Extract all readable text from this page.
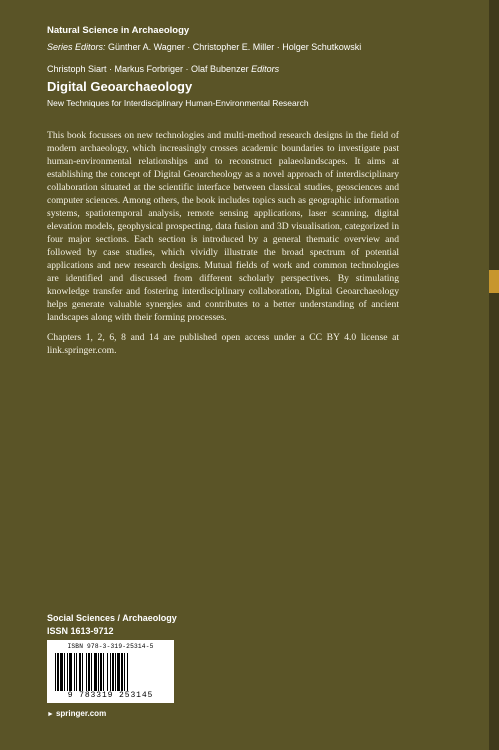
Natural Science in Archaeology
Series Editors: Günther A. Wagner · Christopher E. Miller · Holger Schutkowski
Christoph Siart · Markus Forbriger · Olaf Bubenzer Editors
Digital Geoarchaeology
New Techniques for Interdisciplinary Human-Environmental Research

This book focusses on new technologies and multi-method research designs in the field of modern archaeology, which increasingly crosses academic boundaries to investigate past human-environmental relationships and to reconstruct palaeolandscapes. It aims at establishing the concept of Digital Geoarcheology as a novel approach of interdisciplinary collaboration situated at the scientific interface between classical studies, geosciences and computer sciences. Among others, the book includes topics such as geographic information systems, spatiotemporal analysis, remote sensing applications, laser scanning, digital elevation models, geophysical prospecting, data fusion and 3D visualisation, categorized in four major sections. Each section is introduced by a general thematic overview and followed by case studies, which vividly illustrate the broad spectrum of potential applications and new research designs. Mutual fields of work and common technologies are identified and discussed from different scholarly perspectives. By stimulating knowledge transfer and fostering interdisciplinary collaboration, Digital Geoarchaeology helps generate valuable synergies and contributes to a better understanding of ancient landscapes along with their forming processes.

Chapters 1, 2, 6, 8 and 14 are published open access under a CC BY 4.0 license at link.springer.com.

Social Sciences / Archaeology
ISSN 1613-9712
ISBN 978-3-319-25314-5
9 783319 253145
► springer.com
